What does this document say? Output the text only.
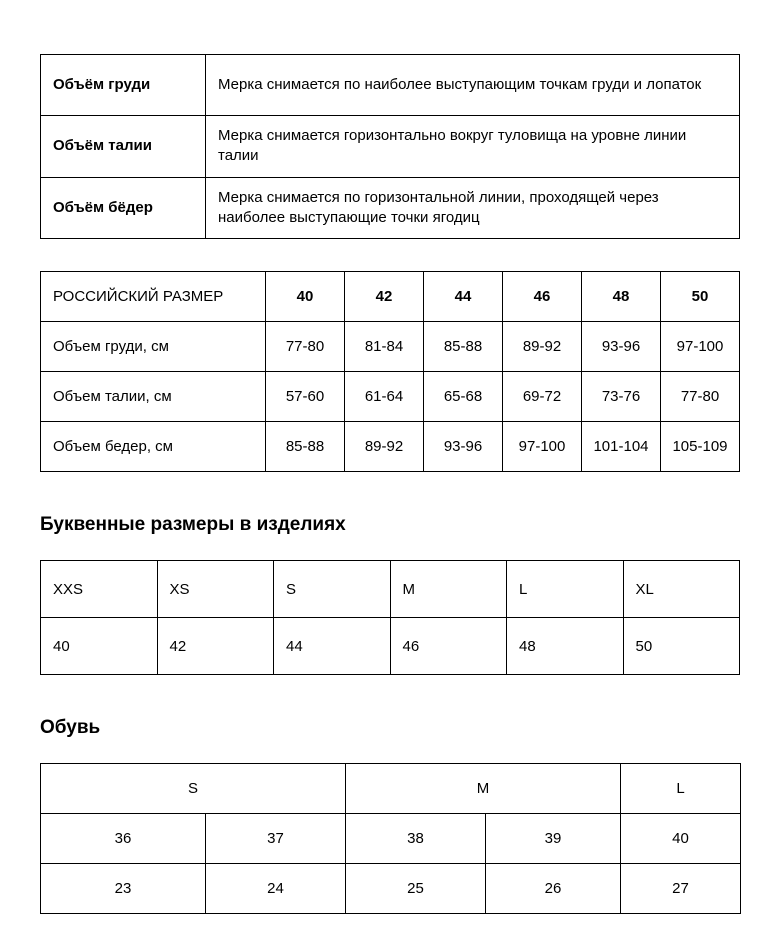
Объём груди	Мерка снимается по наиболее выступающим точкам груди и лопаток
Объём талии	Мерка снимается горизонтально вокруг туловища на уровне линии талии
Объём бёдер	Мерка снимается по горизонтальной линии, проходящей через наиболее выступающие точки ягодиц
РОССИЙСКИЙ РАЗМЕР	40	42	44	46	48	50
Объем груди, см	77-80	81-84	85-88	89-92	93-96	97-100
Объем талии, см	57-60	61-64	65-68	69-72	73-76	77-80
Объем бедер, см	85-88	89-92	93-96	97-100	101-104	105-109
Буквенные размеры в изделиях
XXS	XS	S	M	L	XL
40	42	44	46	48	50
Обувь
S		M		L
36	37	38	39	40
23	24	25	26	27
